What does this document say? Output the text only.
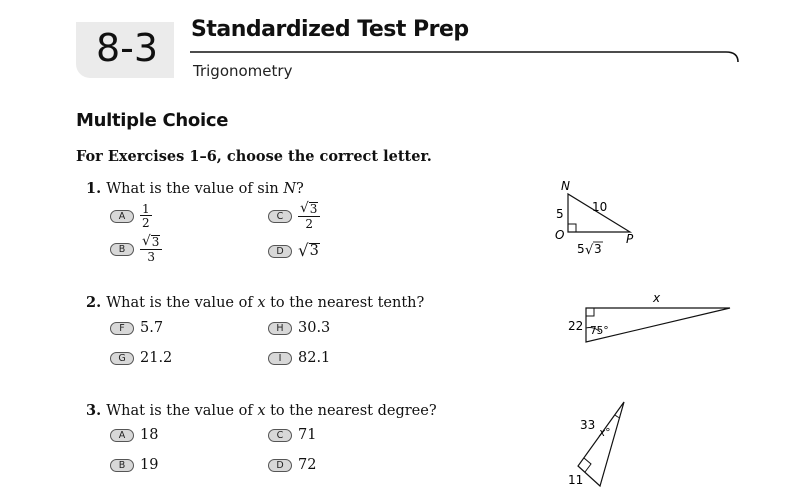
8-3 Standardized Test Prep
Trigonometry
Multiple Choice
For Exercises 1–6, choose the correct letter.
1. What is the value of sin N?
A	$\frac{1}{2}$
B	$\frac{√ 3}{3}$
C	$\frac{√ 3}{2}$
D √ 3
N
O	P
5 10
5 √ 3
2. What is the value of x to the nearest tenth?
F	5.7
G 21.2
H 30.3
I	82.1
x
22 75°
3. What is the value of x to the nearest degree?
A	18
B	19
C	71
D 72
33
x°
11
